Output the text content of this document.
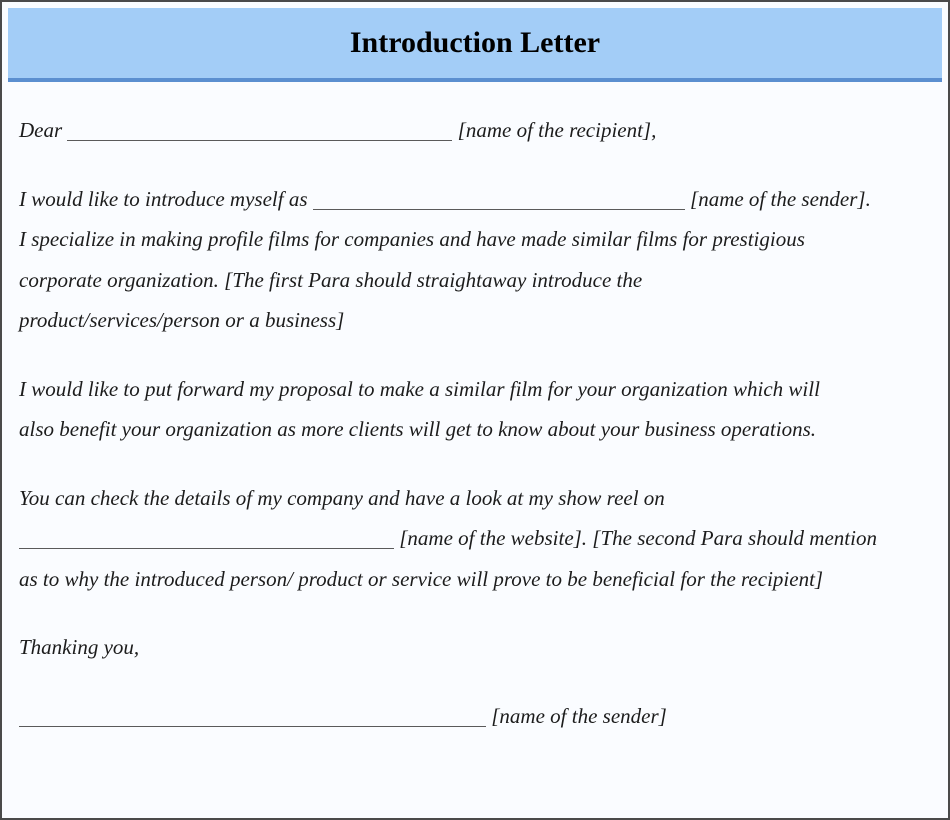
Introduction Letter

Dear	[name of the recipient],

I would like to introduce myself as	[name of the sender].

I specialize in making profile films for companies and have made similar films for prestigious

corporate organization. [The first Para should straightaway introduce the

product/services/person or a business]

I would like to put forward my proposal to make a similar film for your organization which will

also benefit your organization as more clients will get to know about your business operations.

You can check the details of my company and have a look at my show reel on

[name of the website]. [The second Para should mention

as to why the introduced person/ product or service will prove to be beneficial for the recipient]

Thanking you,

[name of the sender]
